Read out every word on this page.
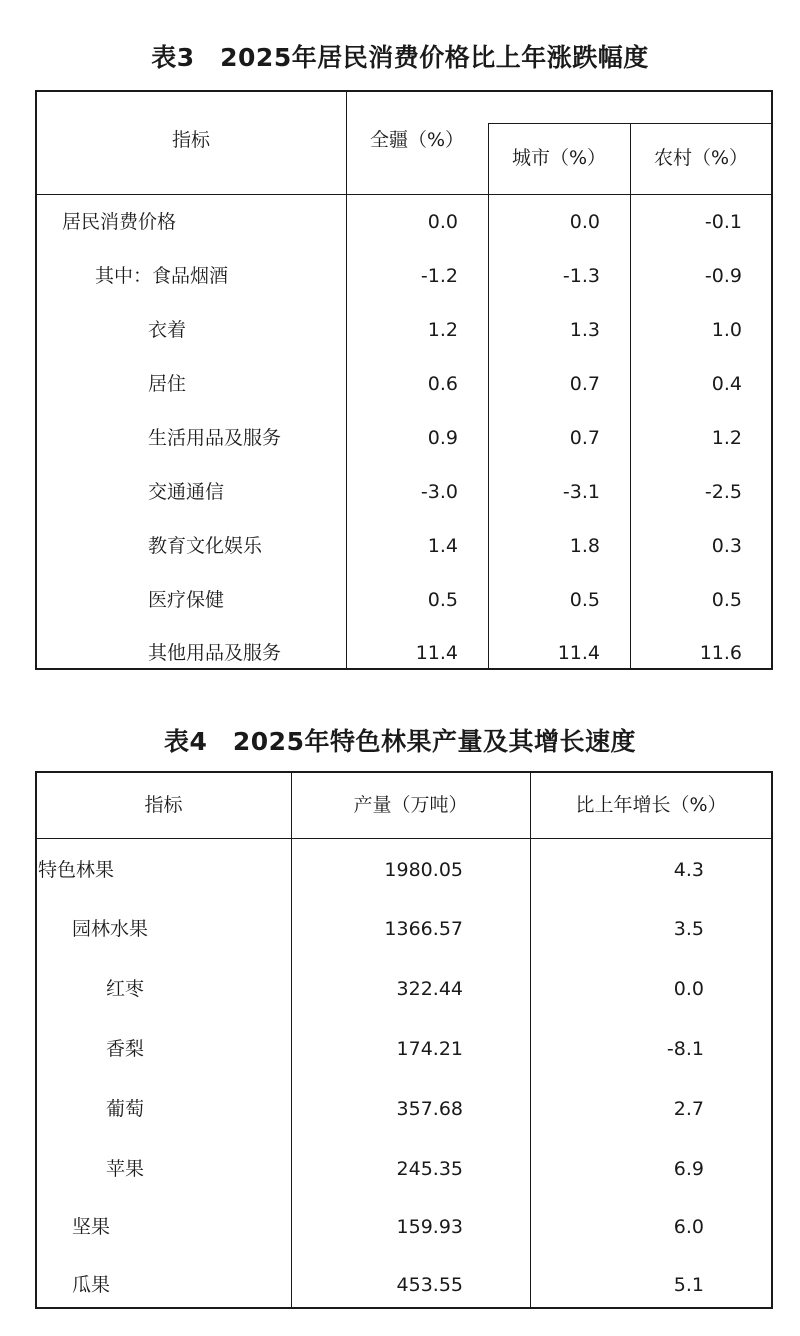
表3　2025年居民消费价格比上年涨跌幅度
指标	全疆（%）
城市（%）	农村（%）
居民消费价格	0.0	0.0	-0.1
其中：食品烟酒	-1.2	-1.3	-0.9
衣着	1.2	1.3	1.0
居住	0.6	0.7	0.4
生活用品及服务	0.9	0.7	1.2
交通通信	-3.0	-3.1	-2.5
教育文化娱乐	1.4	1.8	0.3
医疗保健	0.5	0.5	0.5
其他用品及服务	11.4	11.4	11.6
表4　2025年特色林果产量及其增长速度
指标	产量（万吨）	比上年增长（%）
特色林果	1980.05	4.3
园林水果	1366.57	3.5
红枣	322.44	0.0
香梨	174.21	-8.1
葡萄	357.68	2.7
苹果	245.35	6.9
坚果	159.93	6.0
瓜果	453.55	5.1
